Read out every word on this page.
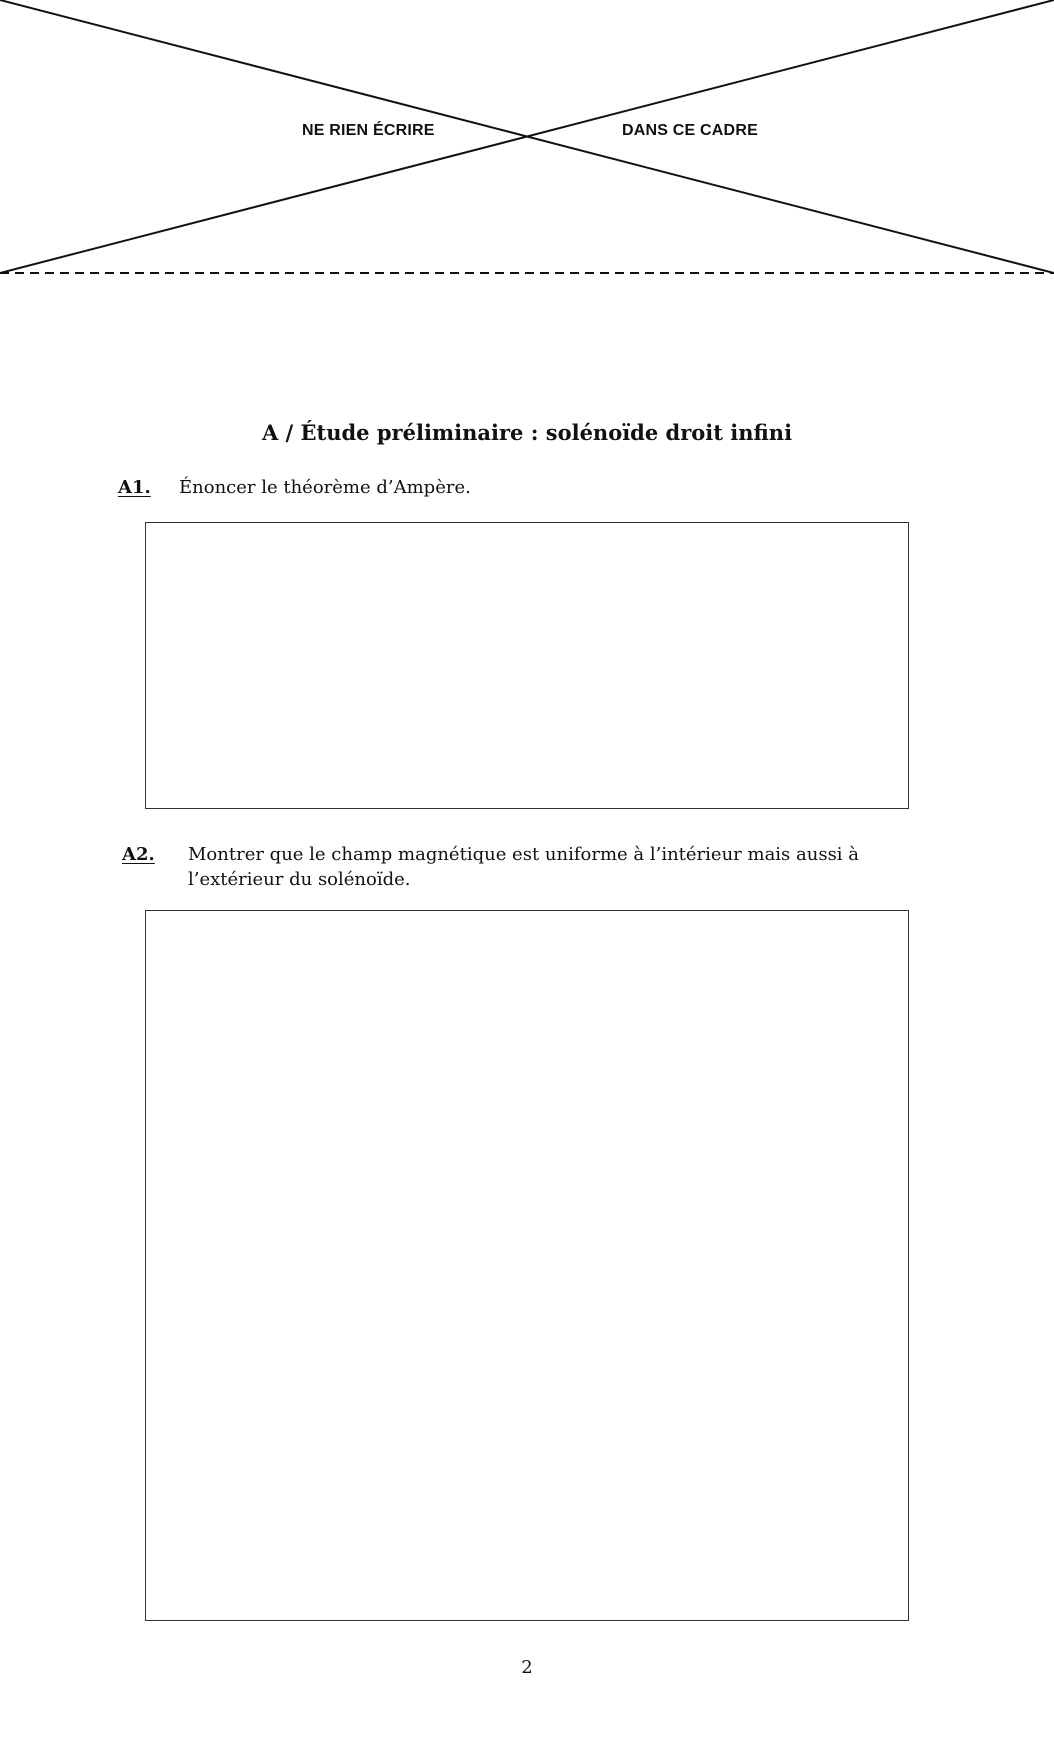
NE RIEN ÉCRIRE	DANS CE CADRE
A / Étude préliminaire : solénoïde droit infini
A1. Énoncer le théorème d’Ampère.
A2. Montrer que le champ magnétique est uniforme à l’intérieur mais aussi à l’extérieur du solénoïde.
2
